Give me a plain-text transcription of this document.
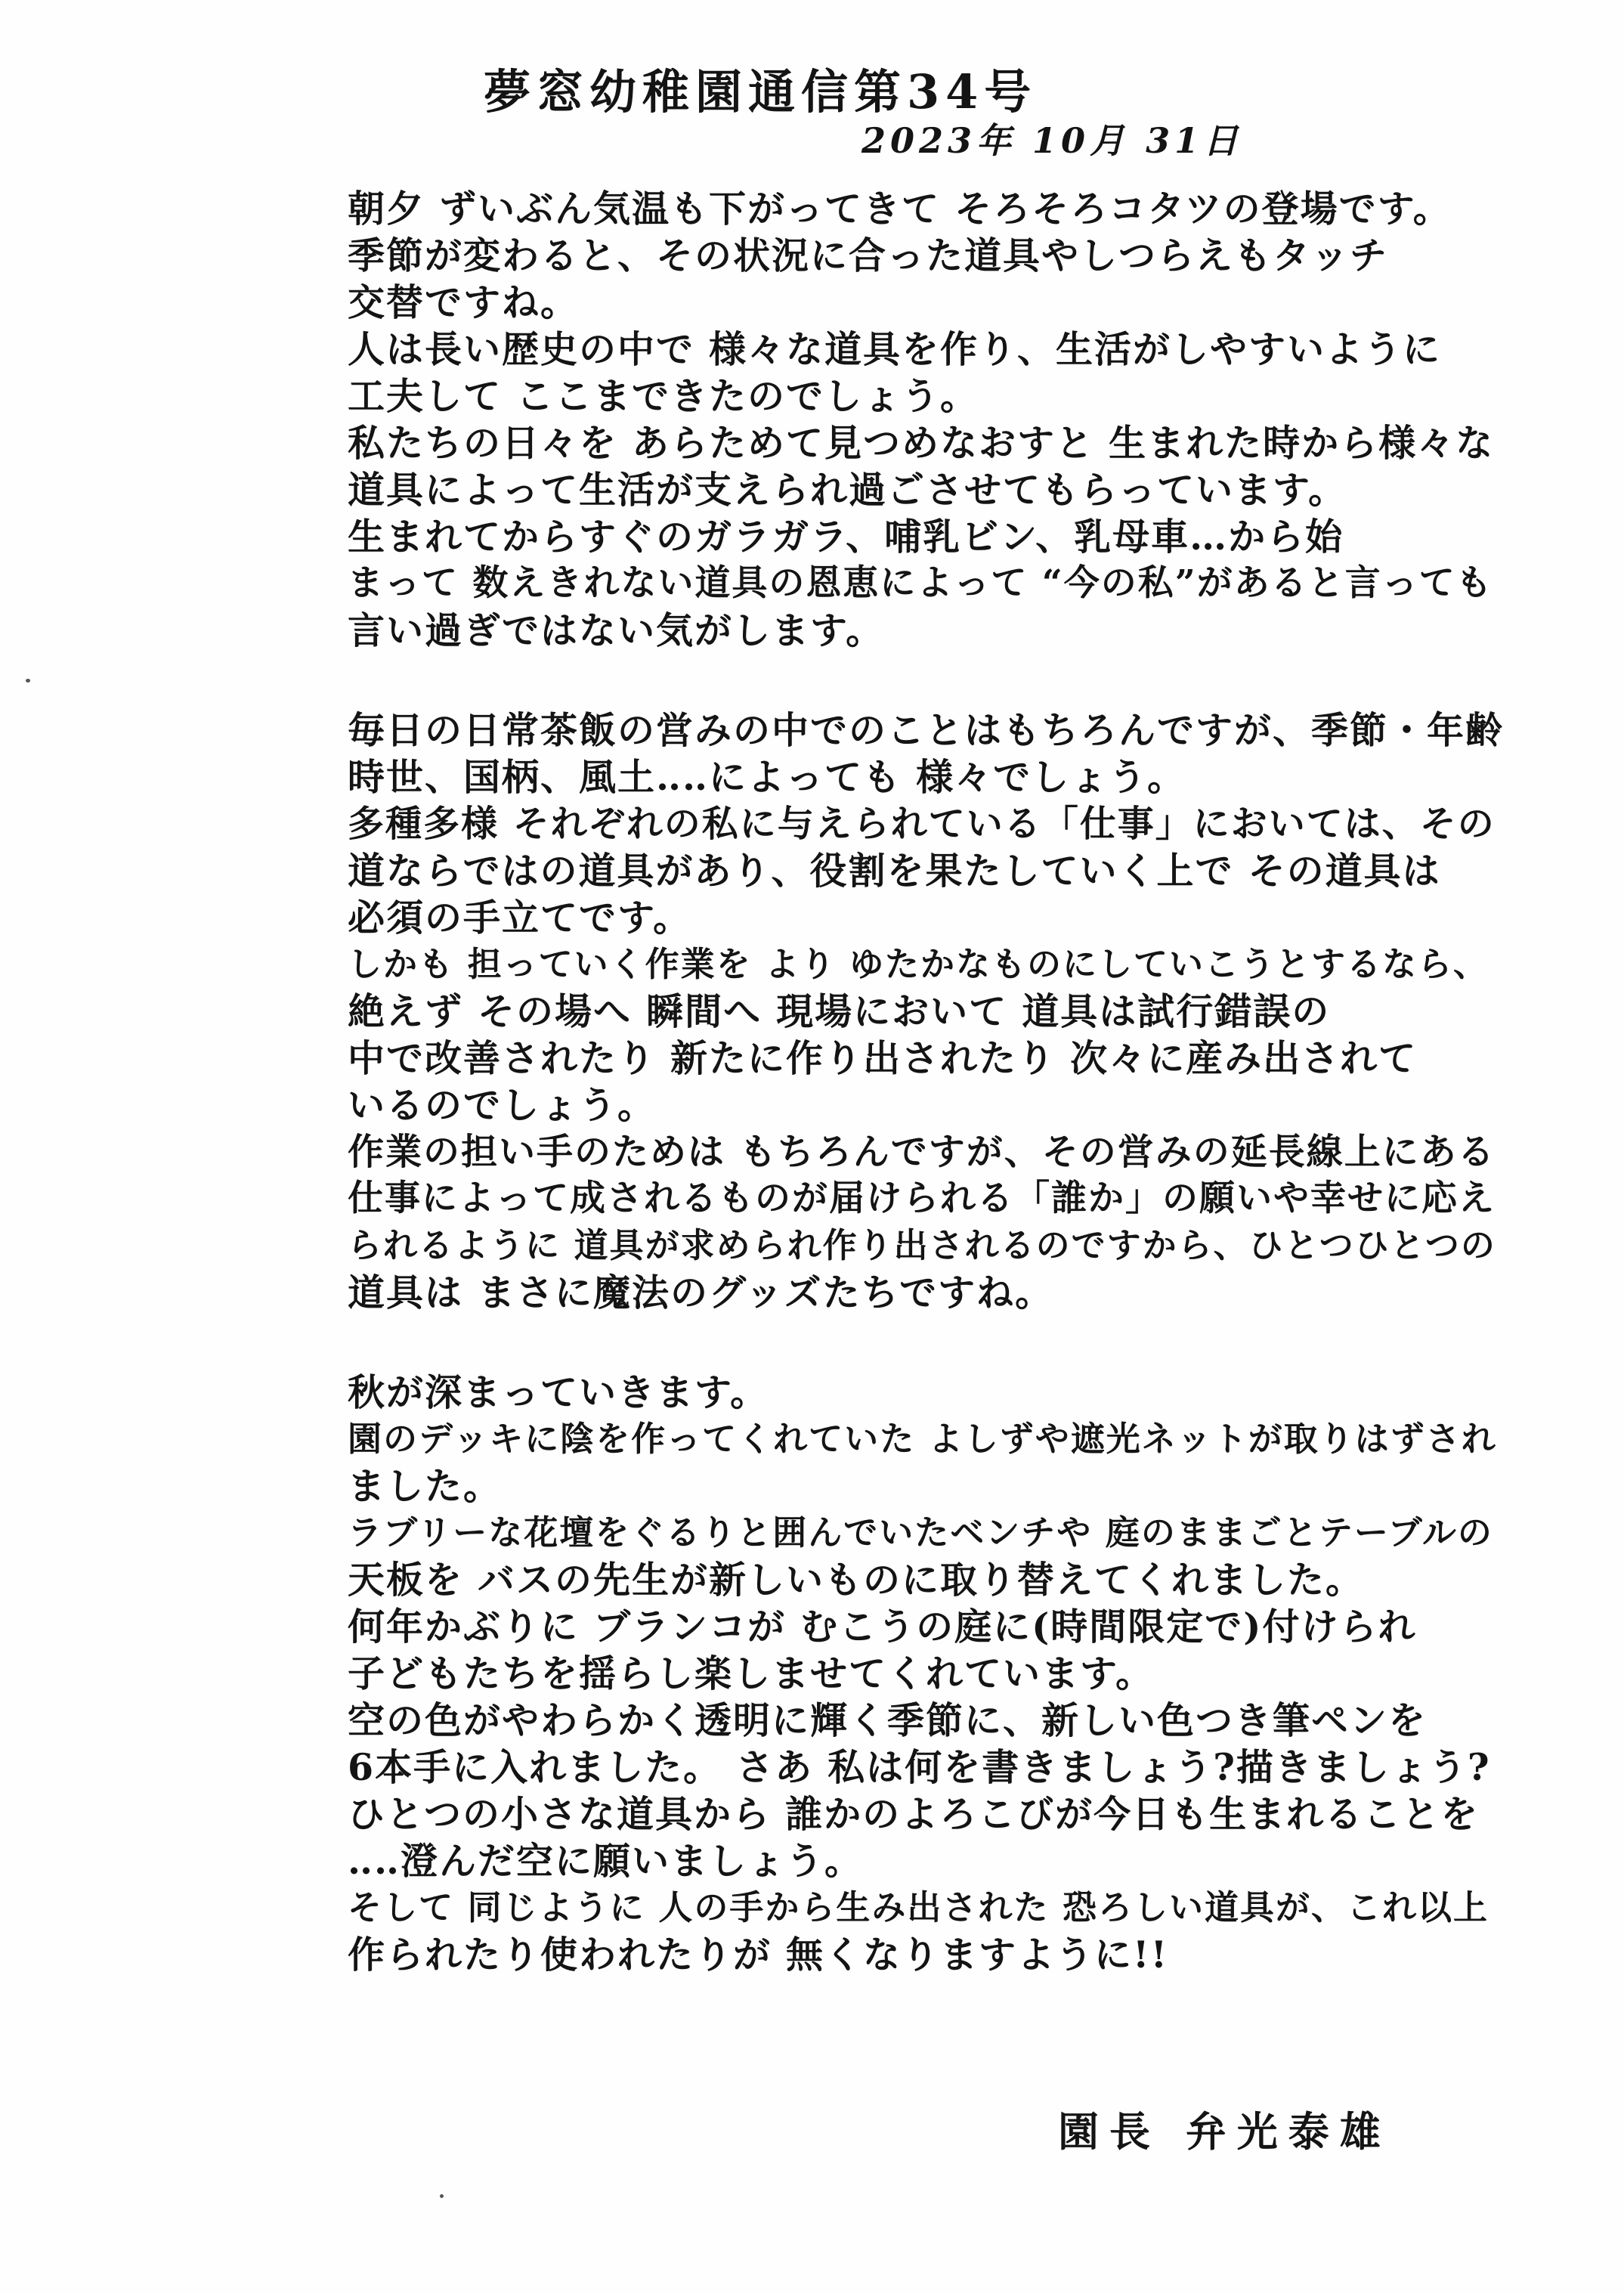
夢窓幼稚園通信第34号
2023年 10月 31日
朝夕 ずいぶん気温も下がってきて そろそろコタツの登場です。
季節が変わると、その状況に合った道具やしつらえもタッチ
交替ですね。
人は長い歴史の中で 様々な道具を作り、生活がしやすいように
工夫して ここまできたのでしょう。
私たちの日々を あらためて見つめなおすと 生まれた時から様々な
道具によって生活が支えられ過ごさせてもらっています。
生まれてからすぐのガラガラ、哺乳ビン、乳母車…から始
まって 数えきれない道具の恩恵によって “今の私”があると言っても
言い過ぎではない気がします。
毎日の日常茶飯の営みの中でのことはもちろんですが、季節・年齢
時世、国柄、風土‥‥によっても 様々でしょう。
多種多様 それぞれの私に与えられている「仕事」においては、その
道ならではの道具があり、役割を果たしていく上で その道具は
必須の手立てです。
しかも 担っていく作業を より ゆたかなものにしていこうとするなら、
絶えず その場へ 瞬間へ 現場において 道具は試行錯誤の
中で改善されたり 新たに作り出されたり 次々に産み出されて
いるのでしょう。
作業の担い手のためは もちろんですが、その営みの延長線上にある
仕事によって成されるものが届けられる「誰か」の願いや幸せに応え
られるように 道具が求められ作り出されるのですから、ひとつひとつの
道具は まさに魔法のグッズたちですね。
秋が深まっていきます。
園のデッキに陰を作ってくれていた よしずや遮光ネットが取りはずされ
ました。
ラブリーな花壇をぐるりと囲んでいたベンチや 庭のままごとテーブルの
天板を バスの先生が新しいものに取り替えてくれました。
何年かぶりに ブランコが むこうの庭に(時間限定で)付けられ
子どもたちを揺らし楽しませてくれています。
空の色がやわらかく透明に輝く季節に、新しい色つき筆ペンを
6本手に入れました。 さあ 私は何を書きましょう?描きましょう?
ひとつの小さな道具から 誰かのよろこびが今日も生まれることを
‥‥澄んだ空に願いましょう。
そして 同じように 人の手から生み出された 恐ろしい道具が、これ以上
作られたり使われたりが 無くなりますように!!
園長 弁光泰雄
